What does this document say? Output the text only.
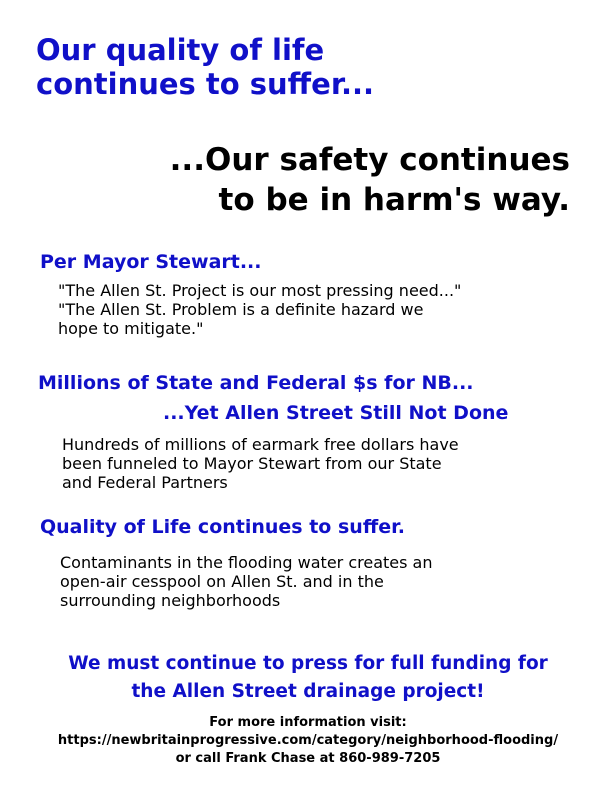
Our quality of life
continues to suffer...
...Our safety continues
to be in harm's way.
Per Mayor Stewart...
"The Allen St. Project is our most pressing need..."
"The Allen St. Problem is a definite hazard we
hope to mitigate."
Millions of State and Federal $s for NB...
...Yet Allen Street Still Not Done
Hundreds of millions of earmark free dollars have
been funneled to Mayor Stewart from our State
and Federal Partners
Quality of Life continues to suffer.
Contaminants in the flooding water creates an
open-air cesspool on Allen St. and in the
surrounding neighborhoods
We must continue to press for full funding for
the Allen Street drainage project!
For more information visit:
https://newbritainprogressive.com/category/neighborhood-flooding/
or call Frank Chase at 860-989-7205
